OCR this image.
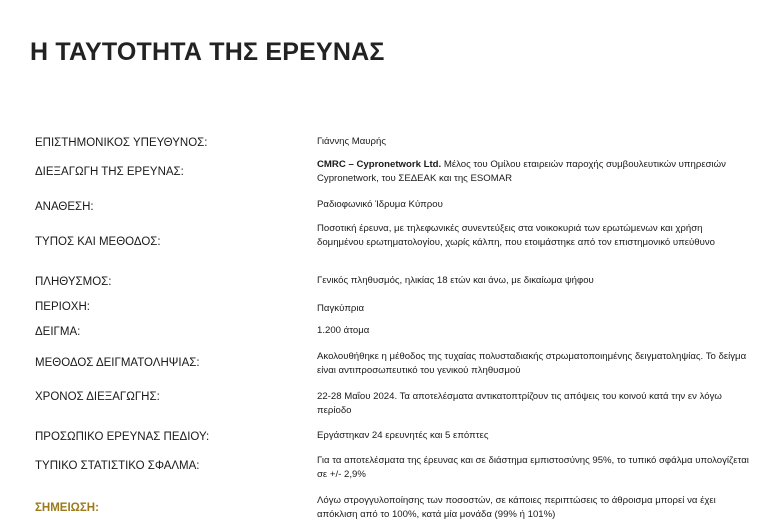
Η ΤΑΥΤΟΤΗΤΑ ΤΗΣ ΕΡΕΥΝΑΣ
ΕΠΙΣΤΗΜΟΝΙΚΟΣ ΥΠΕΥΘΥΝΟΣ:	Γιάννης Μαυρής
ΔΙΕΞΑΓΩΓΗ ΤΗΣ ΕΡΕΥΝΑΣ:
CMRC – Cypronetwork Ltd. Μέλος του Ομίλου εταιρειών παροχής συμβουλευτικών υπηρεσιών Cypronetwork, του ΣΕΔΕΑΚ και της ESOMAR
ΑΝΑΘΕΣΗ:	Ραδιοφωνικό Ίδρυμα Κύπρου
ΤΥΠΟΣ ΚΑΙ ΜΕΘΟΔΟΣ:
Ποσοτική έρευνα, με τηλεφωνικές συνεντεύξεις στα νοικοκυριά των ερωτώμενων και χρήση δομημένου ερωτηματολογίου, χωρίς κάλπη, που ετοιμάστηκε από τον επιστημονικό υπεύθυνο
ΠΛΗΘΥΣΜΟΣ:	Γενικός πληθυσμός, ηλικίας 18 ετών και άνω, με δικαίωμα ψήφου
ΠΕΡΙΟΧΗ:	Παγκύπρια
ΔΕΙΓΜΑ:	1.200 άτομα
ΜΕΘΟΔΟΣ ΔΕΙΓΜΑΤΟΛΗΨΙΑΣ:
Ακολουθήθηκε η μέθοδος της τυχαίας πολυσταδιακής στρωματοποιημένης δειγματοληψίας. Το δείγμα είναι αντιπροσωπευτικό του γενικού πληθυσμού
ΧΡΟΝΟΣ ΔΙΕΞΑΓΩΓΗΣ:	22-28 Μαΐου 2024. Τα αποτελέσματα αντικατοπτρίζουν τις απόψεις του κοινού κατά την εν λόγω περίοδο
ΠΡΟΣΩΠΙΚΟ ΕΡΕΥΝΑΣ ΠΕΔΙΟΥ:	Εργάστηκαν 24 ερευνητές και 5 επόπτες
ΤΥΠΙΚΟ ΣΤΑΤΙΣΤΙΚΟ ΣΦΑΛΜΑ:	Για τα αποτελέσματα της έρευνας και σε διάστημα εμπιστοσύνης 95%, το τυπικό σφάλμα υπολογίζεται σε +/- 2,9%
ΣΗΜΕΙΩΣΗ:
Λόγω στρογγυλοποίησης των ποσοστών, σε κάποιες περιπτώσεις το άθροισμα μπορεί να έχει απόκλιση από το 100%, κατά μία μονάδα (99% ή 101%)
